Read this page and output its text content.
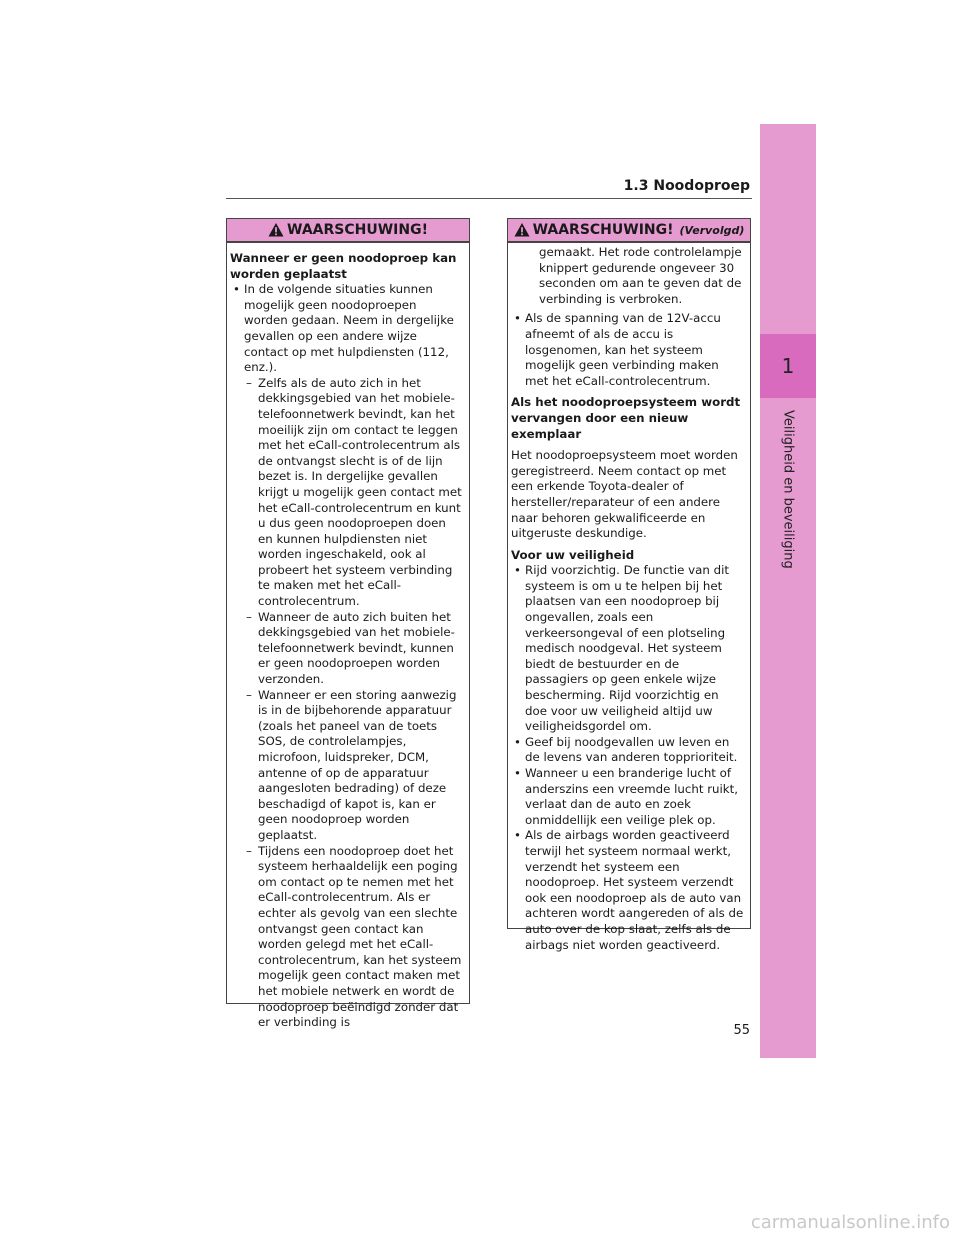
1
Veiligheid en beveiliging
1.3 Noodoproep
WAARSCHUWING!

Wanneer er geen noodoproep kan worden geplaatst

• In de volgende situaties kunnen mogelijk geen noodoproepen worden gedaan. Neem in dergelijke gevallen op een andere wijze contact op met hulpdiensten (112, enz.).

– Zelfs als de auto zich in het dekkingsgebied van het mobiele-telefoonnetwerk bevindt, kan het moeilijk zijn om contact te leggen met het eCall-controlecentrum als de ontvangst slecht is of de lijn bezet is. In dergelijke gevallen krijgt u mogelijk geen contact met het eCall-controlecentrum en kunt u dus geen noodoproepen doen en kunnen hulpdiensten niet worden ingeschakeld, ook al probeert het systeem verbinding te maken met het eCall-controlecentrum.

– Wanneer de auto zich buiten het dekkingsgebied van het mobiele-telefoonnetwerk bevindt, kunnen er geen noodoproepen worden verzonden.

– Wanneer er een storing aanwezig is in de bijbehorende apparatuur (zoals het paneel van de toets SOS, de controlelampjes, microfoon, luidspreker, DCM, antenne of op de apparatuur aangesloten bedrading) of deze beschadigd of kapot is, kan er geen noodoproep worden geplaatst.

– Tijdens een noodoproep doet het systeem herhaaldelijk een poging om contact op te nemen met het eCall-controlecentrum. Als er echter als gevolg van een slechte ontvangst geen contact kan worden gelegd met het eCall-controlecentrum, kan het systeem mogelijk geen contact maken met het mobiele netwerk en wordt de noodoproep beëindigd zonder dat er verbinding is

WAARSCHUWING! (Vervolgd)

gemaakt. Het rode controlelampje knippert gedurende ongeveer 30 seconden om aan te geven dat de verbinding is verbroken.

• Als de spanning van de 12V-accu afneemt of als de accu is losgenomen, kan het systeem mogelijk geen verbinding maken met het eCall-controlecentrum.

Als het noodoproepsysteem wordt vervangen door een nieuw exemplaar

Het noodoproepsysteem moet worden geregistreerd. Neem contact op met een erkende Toyota-dealer of hersteller/reparateur of een andere naar behoren gekwalificeerde en uitgeruste deskundige.

Voor uw veiligheid

• Rijd voorzichtig. De functie van dit systeem is om u te helpen bij het plaatsen van een noodoproep bij ongevallen, zoals een verkeersongeval of een plotseling medisch noodgeval. Het systeem biedt de bestuurder en de passagiers op geen enkele wijze bescherming. Rijd voorzichtig en doe voor uw veiligheid altijd uw veiligheidsgordel om.

• Geef bij noodgevallen uw leven en de levens van anderen topprioriteit.

• Wanneer u een branderige lucht of anderszins een vreemde lucht ruikt, verlaat dan de auto en zoek onmiddellijk een veilige plek op.

• Als de airbags worden geactiveerd terwijl het systeem normaal werkt, verzendt het systeem een noodoproep. Het systeem verzendt ook een noodoproep als de auto van achteren wordt aangereden of als de auto over de kop slaat, zelfs als de airbags niet worden geactiveerd.

55
carmanualsonline.info
